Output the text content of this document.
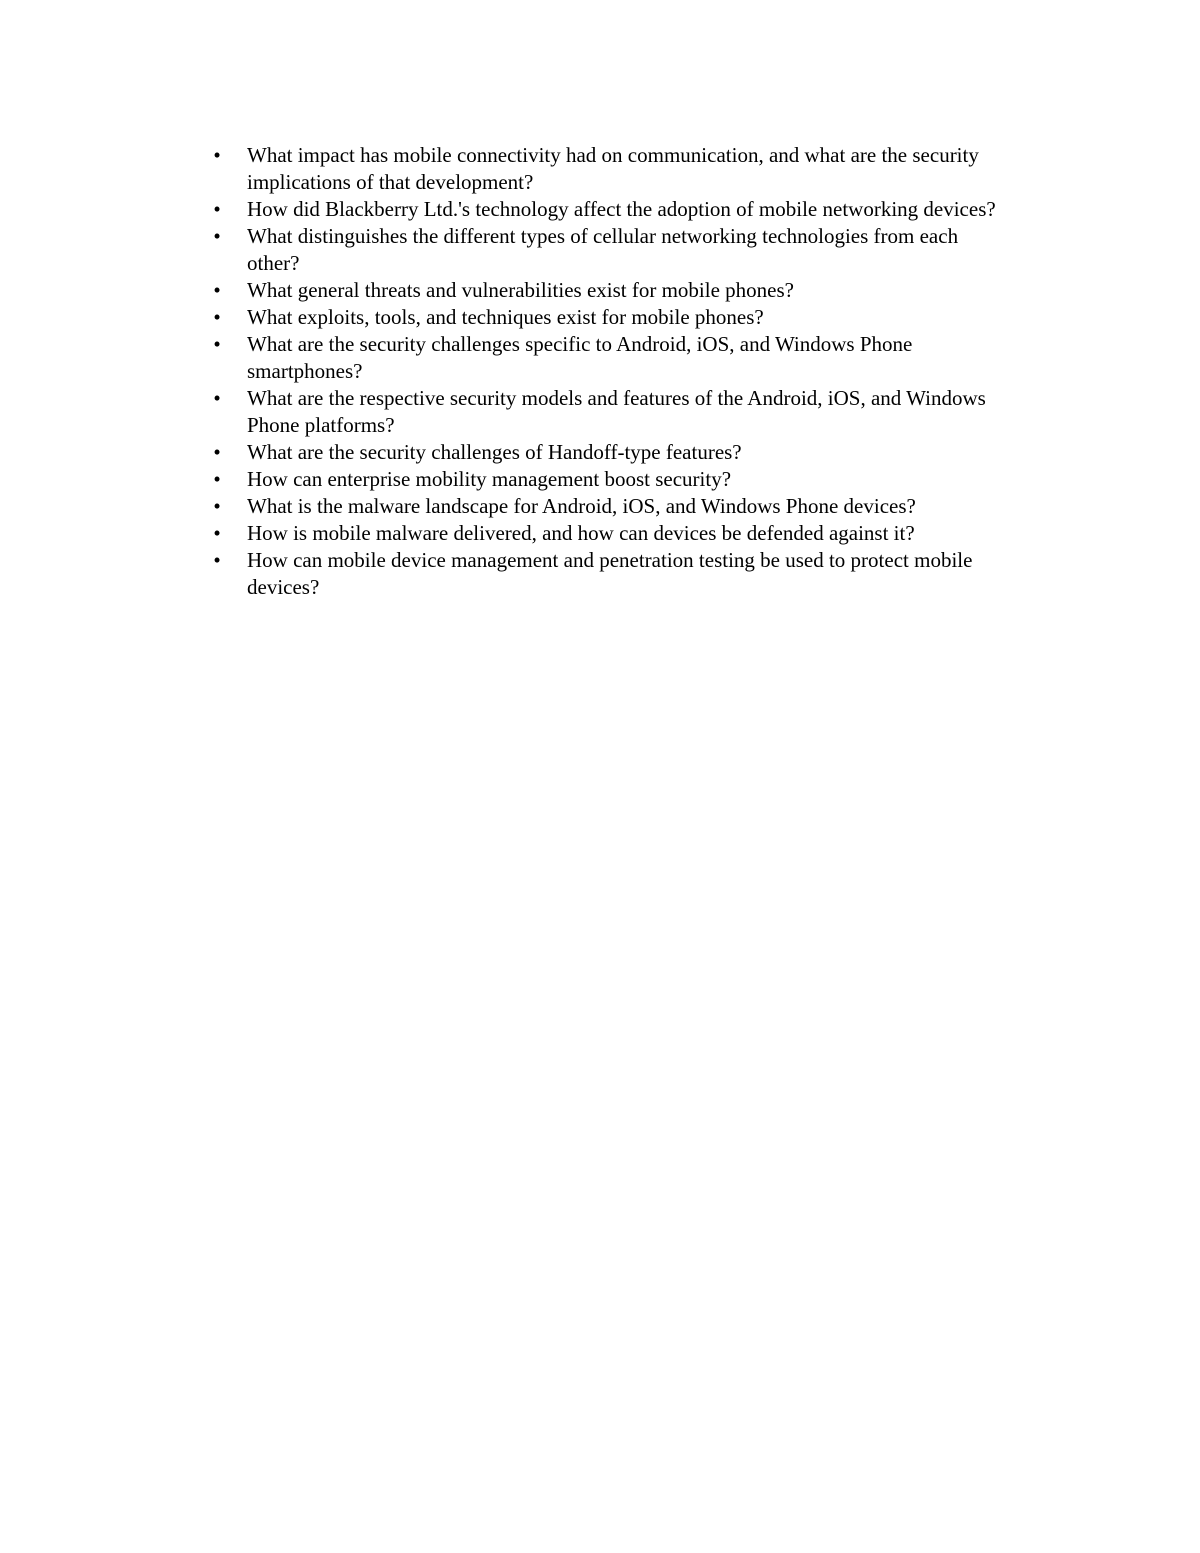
• What impact has mobile connectivity had on communication, and what are the security implications of that development?
• How did Blackberry Ltd.'s technology affect the adoption of mobile networking devices?
• What distinguishes the different types of cellular networking technologies from each other?
• What general threats and vulnerabilities exist for mobile phones?
• What exploits, tools, and techniques exist for mobile phones?
• What are the security challenges specific to Android, iOS, and Windows Phone smartphones?
• What are the respective security models and features of the Android, iOS, and Windows Phone platforms?
• What are the security challenges of Handoff-type features?
• How can enterprise mobility management boost security?
• What is the malware landscape for Android, iOS, and Windows Phone devices?
• How is mobile malware delivered, and how can devices be defended against it?
• How can mobile device management and penetration testing be used to protect mobile devices?
